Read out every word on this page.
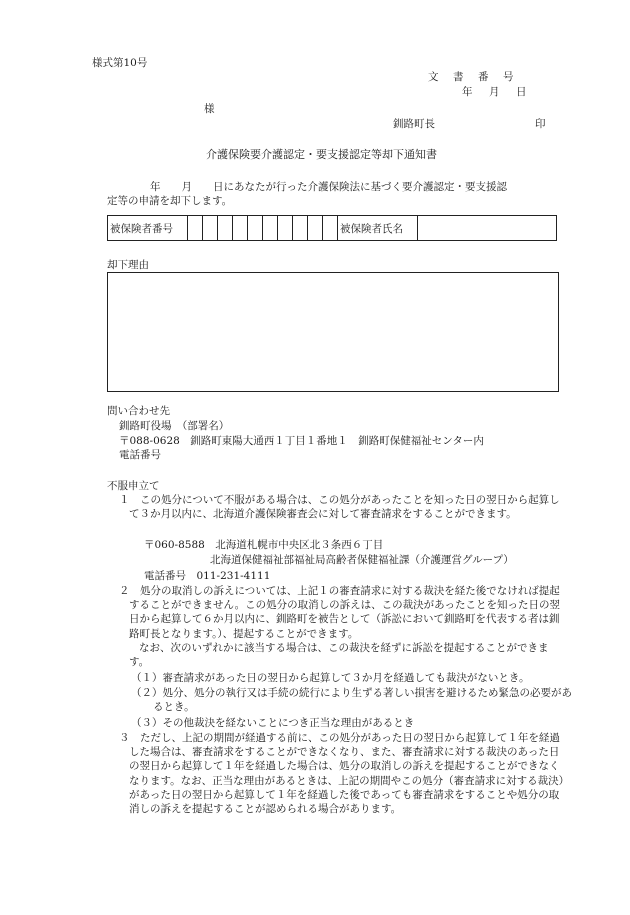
様式第10号
文　書　番　号
年　月　日
様
釧路町長	印
介護保険要介護認定・要支援認定等却下通知書
年　　月　　日にあなたが行った介護保険法に基づく要介護認定・要支援認
定等の申請を却下します。
被保険者番号											被保険者氏名	
却下理由
問い合わせ先
釧路町役場　（部署名）
〒088-0628　釧路町東陽大通西１丁目１番地１　釧路町保健福祉センター内
電話番号
不服申立て
１　この処分について不服がある場合は、この処分があったことを知った日の翌日から起算して３か月以内に、北海道介護保険審査会に対して審査請求をすることができます。
〒060-8588　北海道札幌市中央区北３条西６丁目
北海道保健福祉部福祉局高齢者保健福祉課（介護運営グループ）
電話番号　011-231-4111
２　処分の取消しの訴えについては、上記１の審査請求に対する裁決を経た後でなければ提起することができません。この処分の取消しの訴えは、この裁決があったことを知った日の翌日から起算して６か月以内に、釧路町を被告として（訴訟において釧路町を代表する者は釧路町長となります。）、提起することができます。
なお、次のいずれかに該当する場合は、この裁決を経ずに訴訟を提起することができます。
（１）審査請求があった日の翌日から起算して３か月を経過しても裁決がないとき。
（２）処分、処分の執行又は手続の続行により生ずる著しい損害を避けるため緊急の必要があるとき。
（３）その他裁決を経ないことにつき正当な理由があるとき
３　ただし、上記の期間が経過する前に、この処分があった日の翌日から起算して１年を経過した場合は、審査請求をすることができなくなり、また、審査請求に対する裁決のあった日の翌日から起算して１年を経過した場合は、処分の取消しの訴えを提起することができなくなります。なお、正当な理由があるときは、上記の期間やこの処分（審査請求に対する裁決）があった日の翌日から起算して１年を経過した後であっても審査請求をすることや処分の取消しの訴えを提起することが認められる場合があります。
